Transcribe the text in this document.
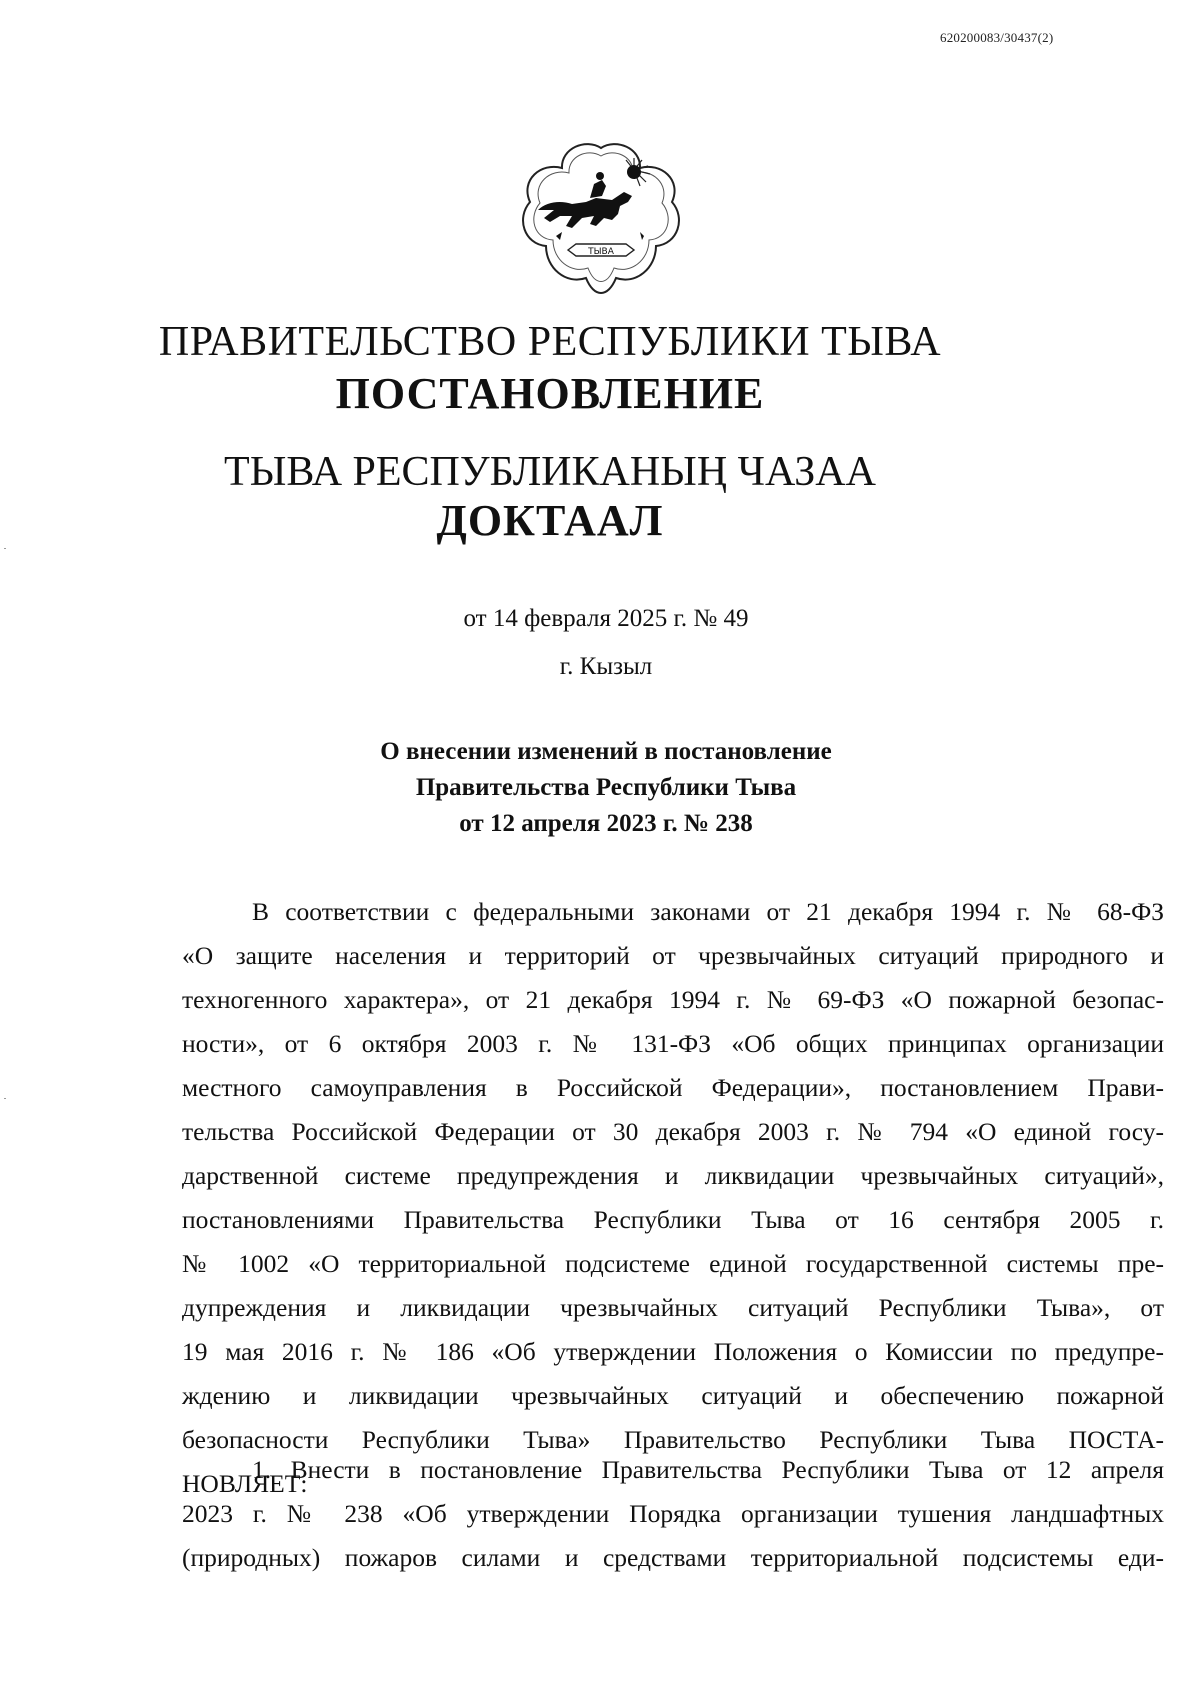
620200083/30437(2)
ТЫВА
ПРАВИТЕЛЬСТВО РЕСПУБЛИКИ ТЫВА
ПОСТАНОВЛЕНИЕ
ТЫВА РЕСПУБЛИКАНЫҢ ЧАЗАА
ДОКТААЛ
от 14 февраля 2025 г. № 49
г. Кызыл
О внесении изменений в постановление
Правительства Республики Тыва
от 12 апреля 2023 г. № 238
В соответствии с федеральными законами от 21 декабря 1994 г. № 68-ФЗ
«О защите населения и территорий от чрезвычайных ситуаций природного и
техногенного характера», от 21 декабря 1994 г. № 69-ФЗ «О пожарной безопас-
ности», от 6 октября 2003 г. № 131-ФЗ «Об общих принципах организации
местного самоуправления в Российской Федерации», постановлением Прави-
тельства Российской Федерации от 30 декабря 2003 г. № 794 «О единой госу-
дарственной системе предупреждения и ликвидации чрезвычайных ситуаций»,
постановлениями Правительства Республики Тыва от 16 сентября 2005 г.
№ 1002 «О территориальной подсистеме единой государственной системы пре-
дупреждения и ликвидации чрезвычайных ситуаций Республики Тыва», от
19 мая 2016 г. № 186 «Об утверждении Положения о Комиссии по предупре-
ждению и ликвидации чрезвычайных ситуаций и обеспечению пожарной
безопасности Республики Тыва» Правительство Республики Тыва ПОСТА-
НОВЛЯЕТ:
1. Внести в постановление Правительства Республики Тыва от 12 апреля
2023 г. № 238 «Об утверждении Порядка организации тушения ландшафтных
(природных) пожаров силами и средствами территориальной подсистемы еди-
